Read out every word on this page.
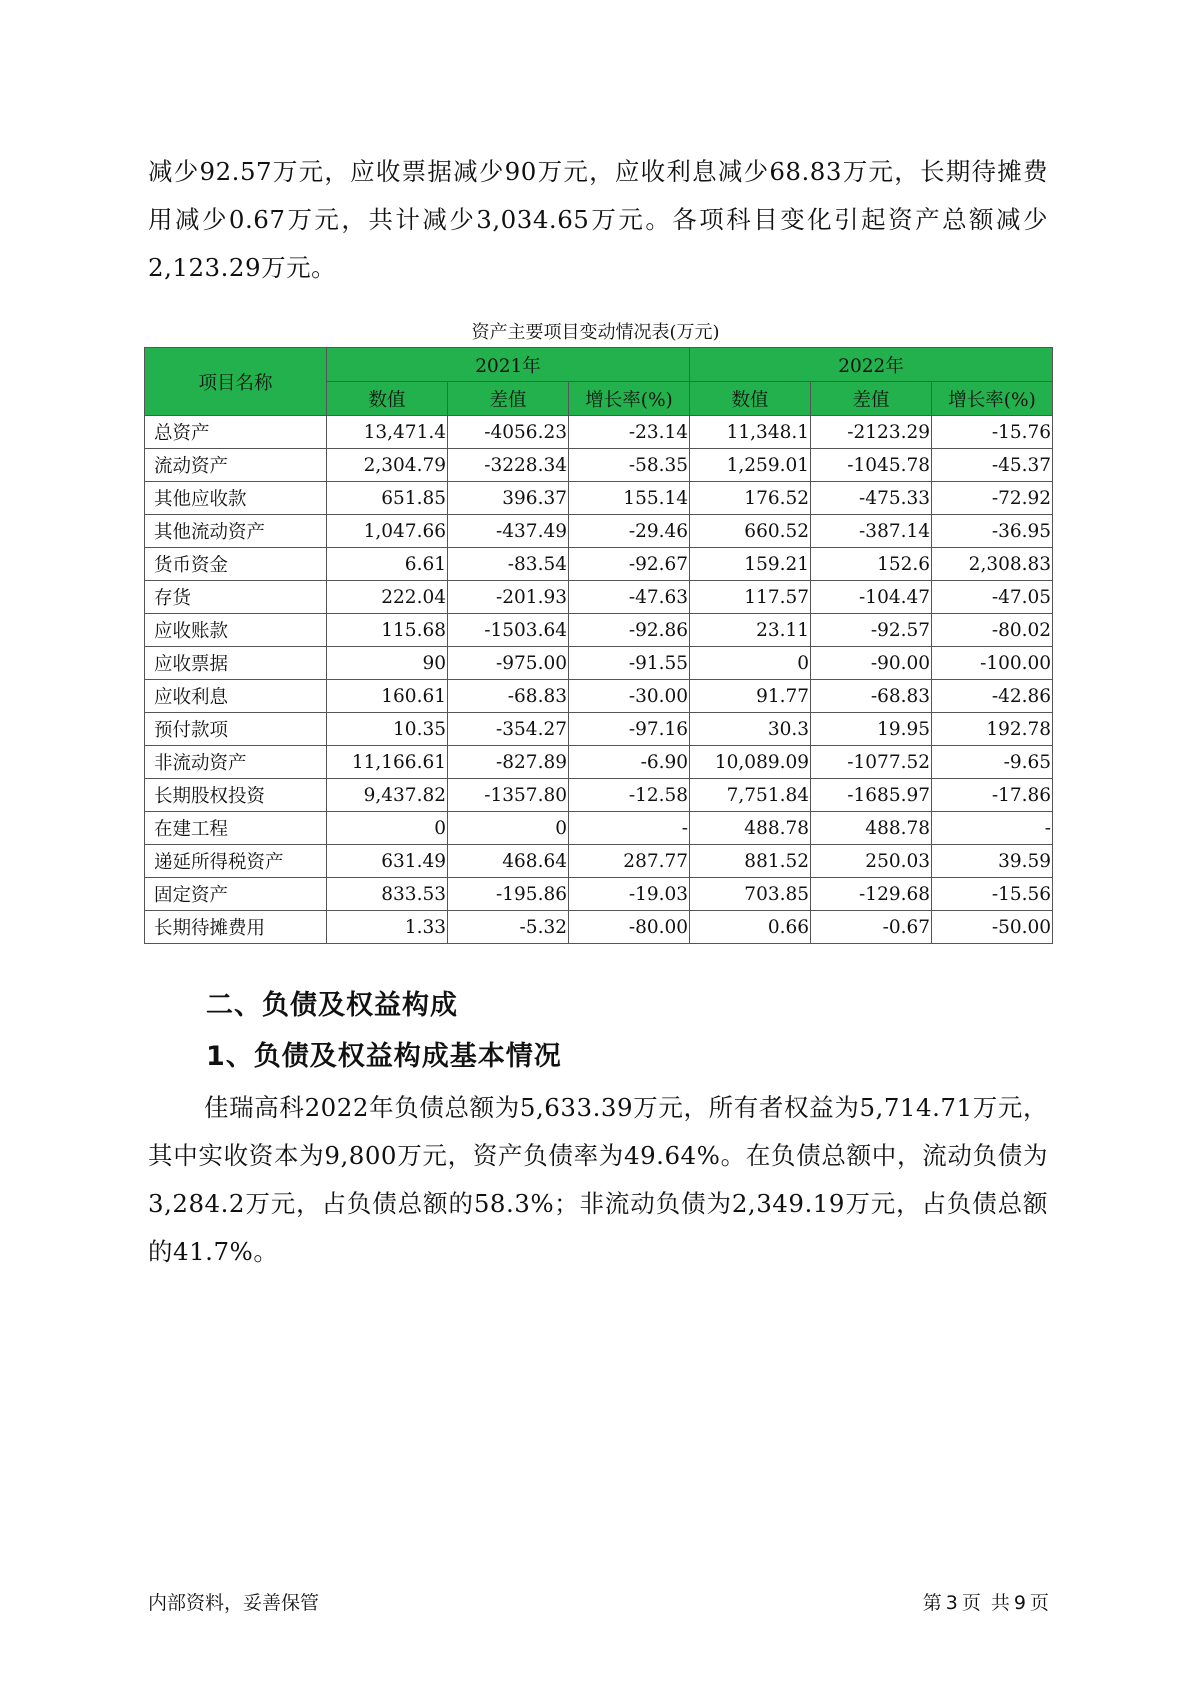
减少92.57万元，应收票据减少90万元，应收利息减少68.83万元，长期待摊费用减少0.67万元，共计减少3,034.65万元。各项科目变化引起资产总额减少2,123.29万元。
资产主要项目变动情况表(万元)
项目名称	2021年			2022年		
	数值	差值	增长率(%)	数值	差值	增长率(%)
总资产	13,471.4	-4056.23	-23.14	11,348.1	-2123.29	-15.76
流动资产	2,304.79	-3228.34	-58.35	1,259.01	-1045.78	-45.37
其他应收款	651.85	396.37	155.14	176.52	-475.33	-72.92
其他流动资产	1,047.66	-437.49	-29.46	660.52	-387.14	-36.95
货币资金	6.61	-83.54	-92.67	159.21	152.6	2,308.83
存货	222.04	-201.93	-47.63	117.57	-104.47	-47.05
应收账款	115.68	-1503.64	-92.86	23.11	-92.57	-80.02
应收票据	90	-975.00	-91.55	0	-90.00	-100.00
应收利息	160.61	-68.83	-30.00	91.77	-68.83	-42.86
预付款项	10.35	-354.27	-97.16	30.3	19.95	192.78
非流动资产	11,166.61	-827.89	-6.90	10,089.09	-1077.52	-9.65
长期股权投资	9,437.82	-1357.80	-12.58	7,751.84	-1685.97	-17.86
在建工程	0	0	-	488.78	488.78	-
递延所得税资产	631.49	468.64	287.77	881.52	250.03	39.59
固定资产	833.53	-195.86	-19.03	703.85	-129.68	-15.56
长期待摊费用	1.33	-5.32	-80.00	0.66	-0.67	-50.00
二、负债及权益构成
1、负债及权益构成基本情况
佳瑞高科2022年负债总额为5,633.39万元，所有者权益为5,714.71万元，其中实收资本为9,800万元，资产负债率为49.64%。在负债总额中，流动负债为3,284.2万元，占负债总额的58.3%；非流动负债为2,349.19万元，占负债总额的41.7%。
内部资料，妥善保管	第 3 页 共 9 页
